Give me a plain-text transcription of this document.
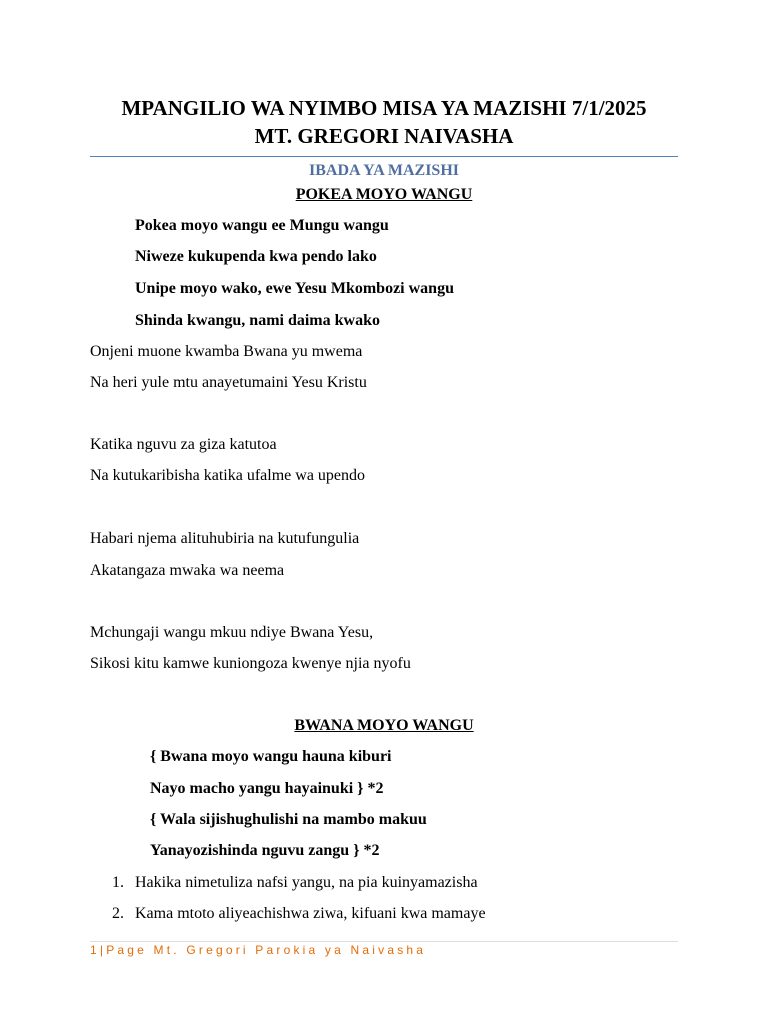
MPANGILIO WA NYIMBO MISA YA MAZISHI 7/1/2025
MT. GREGORI NAIVASHA
IBADA YA MAZISHI
POKEA MOYO WANGU
Pokea moyo wangu ee Mungu wangu
Niweze kukupenda kwa pendo lako
Unipe moyo wako, ewe Yesu Mkombozi wangu
Shinda kwangu, nami daima kwako
Onjeni muone kwamba Bwana yu mwema
Na heri yule mtu anayetumaini Yesu Kristu
Katika nguvu za giza katutoa
Na kutukaribisha katika ufalme wa upendo
Habari njema alituhubiria na kutufungulia
Akatangaza mwaka wa neema
Mchungaji wangu mkuu ndiye Bwana Yesu,
Sikosi kitu kamwe kuniongoza kwenye njia nyofu
BWANA MOYO WANGU
{ Bwana moyo wangu hauna kiburi
Nayo macho yangu hayainuki } *2
{ Wala sijishughulishi na mambo makuu
Yanayozishinda nguvu zangu } *2
1. Hakika nimetuliza nafsi yangu, na pia kuinyamazisha
2. Kama mtoto aliyeachishwa ziwa, kifuani kwa mamaye
1|Page Mt. Gregori Parokia ya Naivasha
